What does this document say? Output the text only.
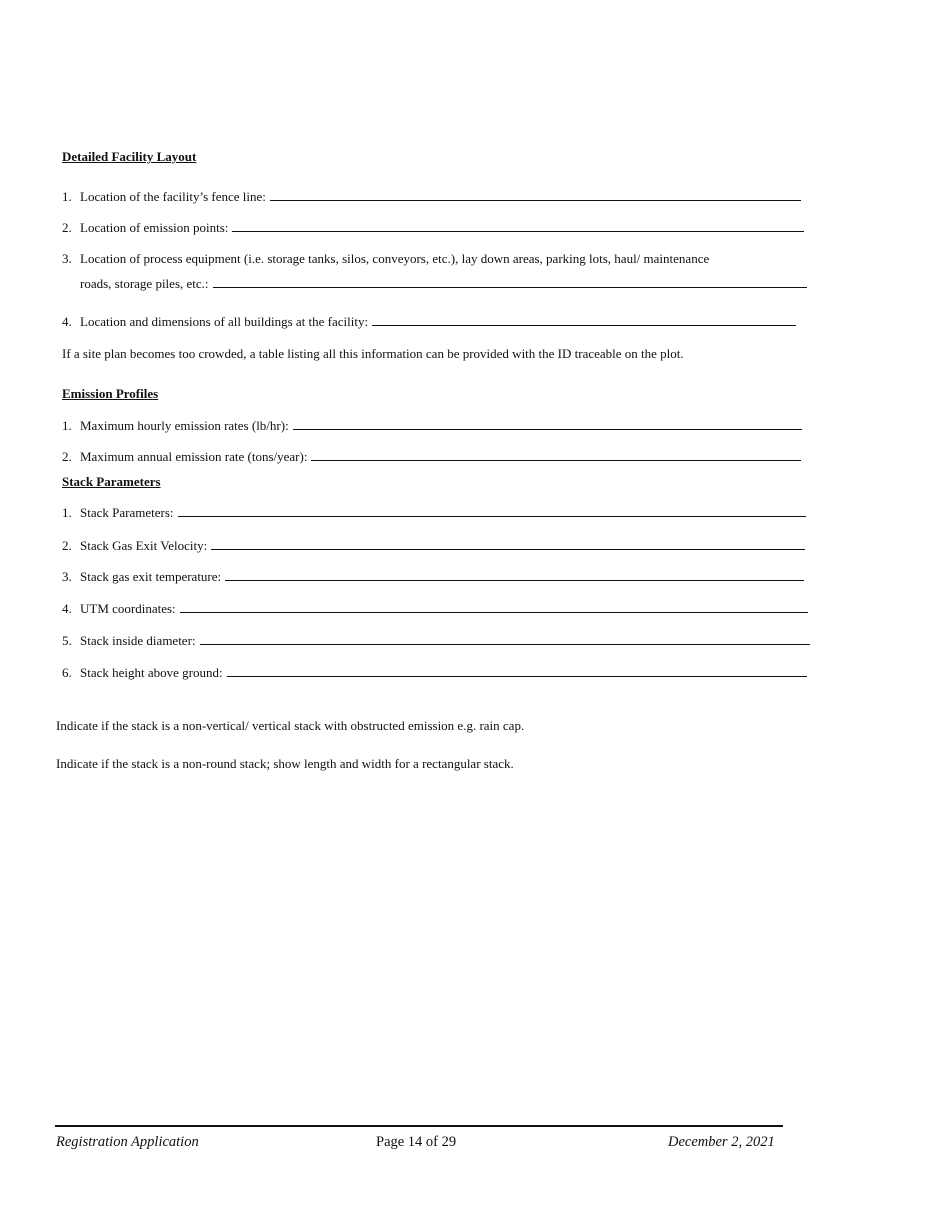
Detailed Facility Layout
1. Location of the facility’s fence line:
2. Location of emission points:
3. Location of process equipment (i.e. storage tanks, silos, conveyors, etc.), lay down areas, parking lots, haul/ maintenance
roads, storage piles, etc.:
4. Location and dimensions of all buildings at the facility:
If a site plan becomes too crowded, a table listing all this information can be provided with the ID traceable on the plot.
Emission Profiles
1. Maximum hourly emission rates (lb/hr):
2. Maximum annual emission rate (tons/year):
Stack Parameters
1. Stack Parameters:
2. Stack Gas Exit Velocity:
3. Stack gas exit temperature:
4. UTM coordinates:
5. Stack inside diameter:
6. Stack height above ground:
Indicate if the stack is a non-vertical/ vertical stack with obstructed emission e.g. rain cap.
Indicate if the stack is a non-round stack; show length and width for a rectangular stack.
Registration Application	Page 14 of 29	December 2, 2021
